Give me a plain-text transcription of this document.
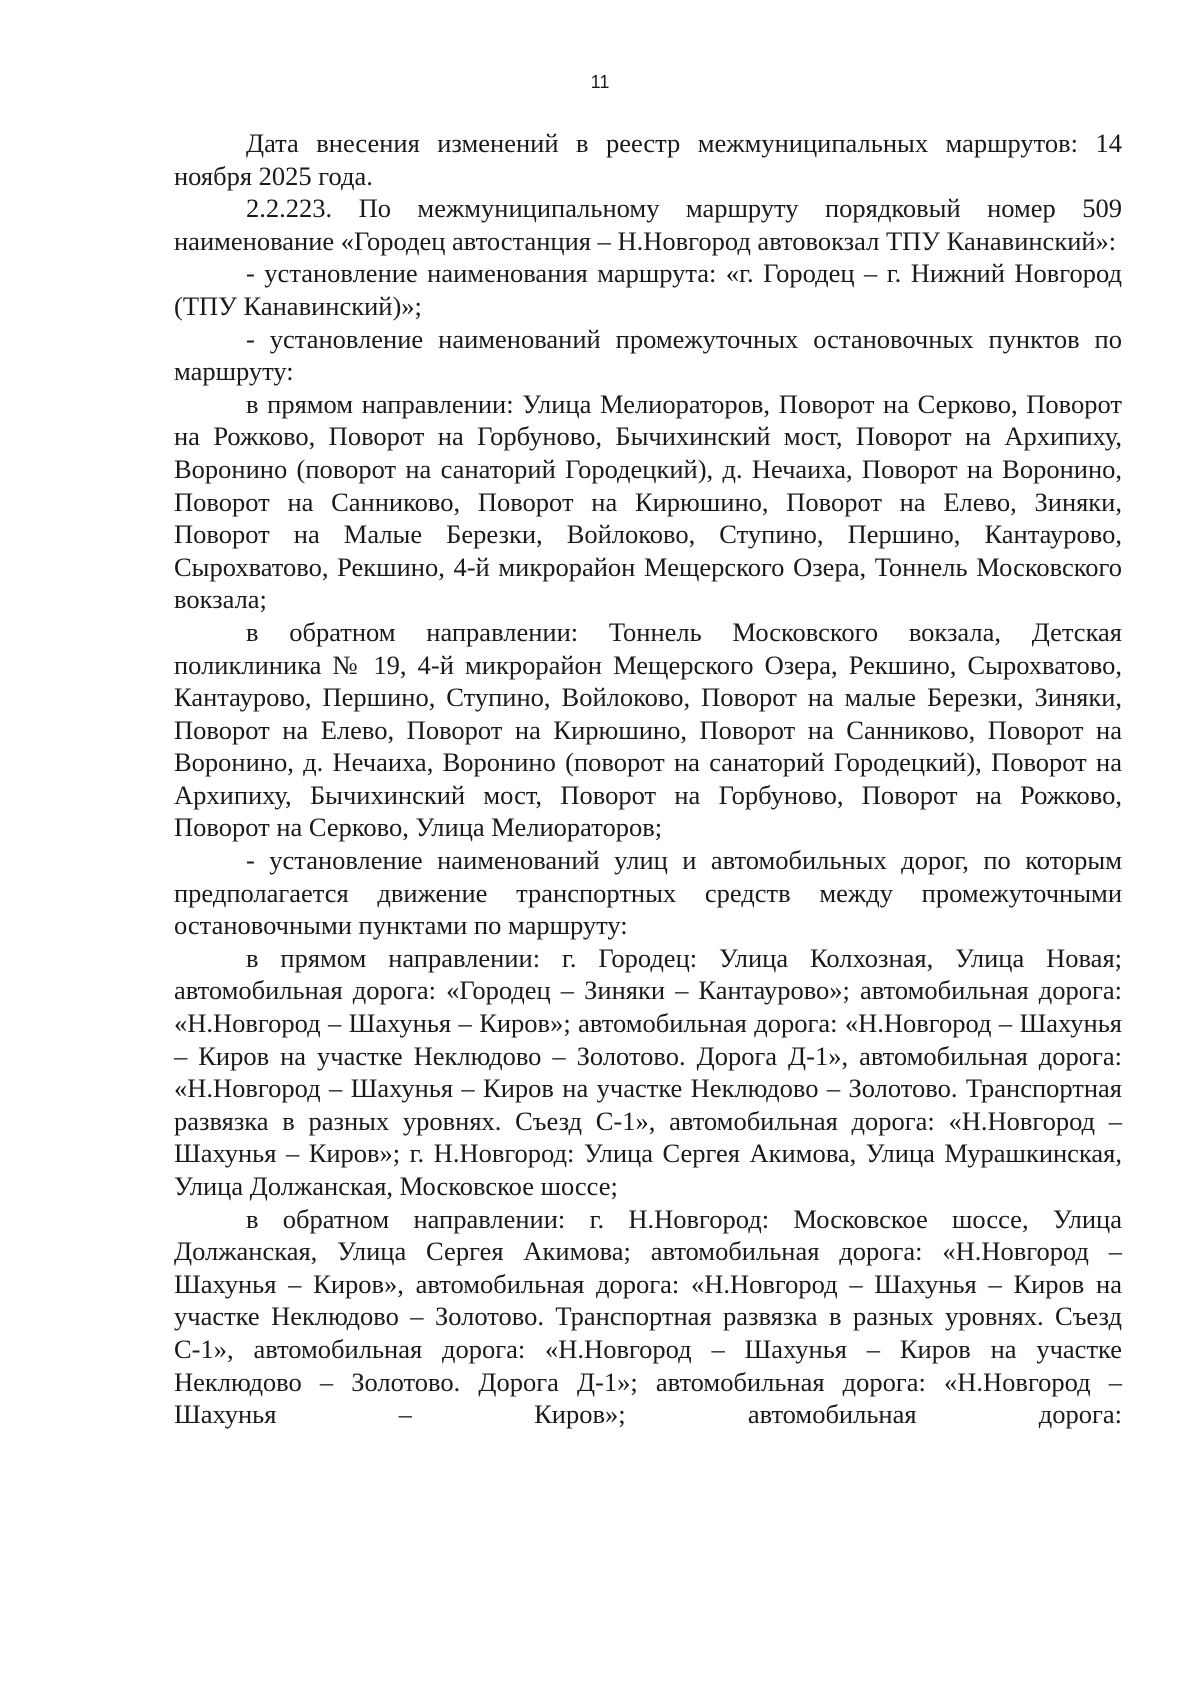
11

Дата внесения изменений в реестр межмуниципальных маршрутов: 14 ноября 2025 года.

2.2.223. По межмуниципальному маршруту порядковый номер 509 наименование «Городец автостанция – Н.Новгород автовокзал ТПУ Канавинский»:

- установление наименования маршрута: «г. Городец – г. Нижний Новгород (ТПУ Канавинский)»;

- установление наименований промежуточных остановочных пунктов по маршруту:

в прямом направлении: Улица Мелиораторов, Поворот на Серково, Поворот на Рожково, Поворот на Горбуново, Бычихинский мост, Поворот на Архипиху, Воронино (поворот на санаторий Городецкий), д. Нечаиха, Поворот на Воронино, Поворот на Санниково, Поворот на Кирюшино, Поворот на Елево, Зиняки, Поворот на Малые Березки, Войлоково, Ступино, Першино, Кантаурово, Сырохватово, Рекшино, 4-й микрорайон Мещерского Озера, Тоннель Московского вокзала;

в обратном направлении: Тоннель Московского вокзала, Детская поликлиника № 19, 4-й микрорайон Мещерского Озера, Рекшино, Сырохватово, Кантаурово, Першино, Ступино, Войлоково, Поворот на малые Березки, Зиняки, Поворот на Елево, Поворот на Кирюшино, Поворот на Санниково, Поворот на Воронино, д. Нечаиха, Воронино (поворот на санаторий Городецкий), Поворот на Архипиху, Бычихинский мост, Поворот на Горбуново, Поворот на Рожково, Поворот на Серково, Улица Мелиораторов;

- установление наименований улиц и автомобильных дорог, по которым предполагается движение транспортных средств между промежуточными остановочными пунктами по маршруту:

в прямом направлении: г. Городец: Улица Колхозная, Улица Новая; автомобильная дорога: «Городец – Зиняки – Кантаурово»; автомобильная дорога: «Н.Новгород – Шахунья – Киров»; автомобильная дорога: «Н.Новгород – Шахунья – Киров на участке Неклюдово – Золотово. Дорога Д-1», автомобильная дорога: «Н.Новгород – Шахунья – Киров на участке Неклюдово – Золотово. Транспортная развязка в разных уровнях. Съезд С-1», автомобильная дорога: «Н.Новгород – Шахунья – Киров»; г. Н.Новгород: Улица Сергея Акимова, Улица Мурашкинская, Улица Должанская, Московское шоссе;

в обратном направлении: г. Н.Новгород: Московское шоссе, Улица Должанская, Улица Сергея Акимова; автомобильная дорога: «Н.Новгород – Шахунья – Киров», автомобильная дорога: «Н.Новгород – Шахунья – Киров на участке Неклюдово – Золотово. Транспортная развязка в разных уровнях. Съезд С-1», автомобильная дорога: «Н.Новгород – Шахунья – Киров на участке Неклюдово – Золотово. Дорога Д-1»; автомобильная дорога: «Н.Новгород – Шахунья – Киров»; автомобильная дорога:
